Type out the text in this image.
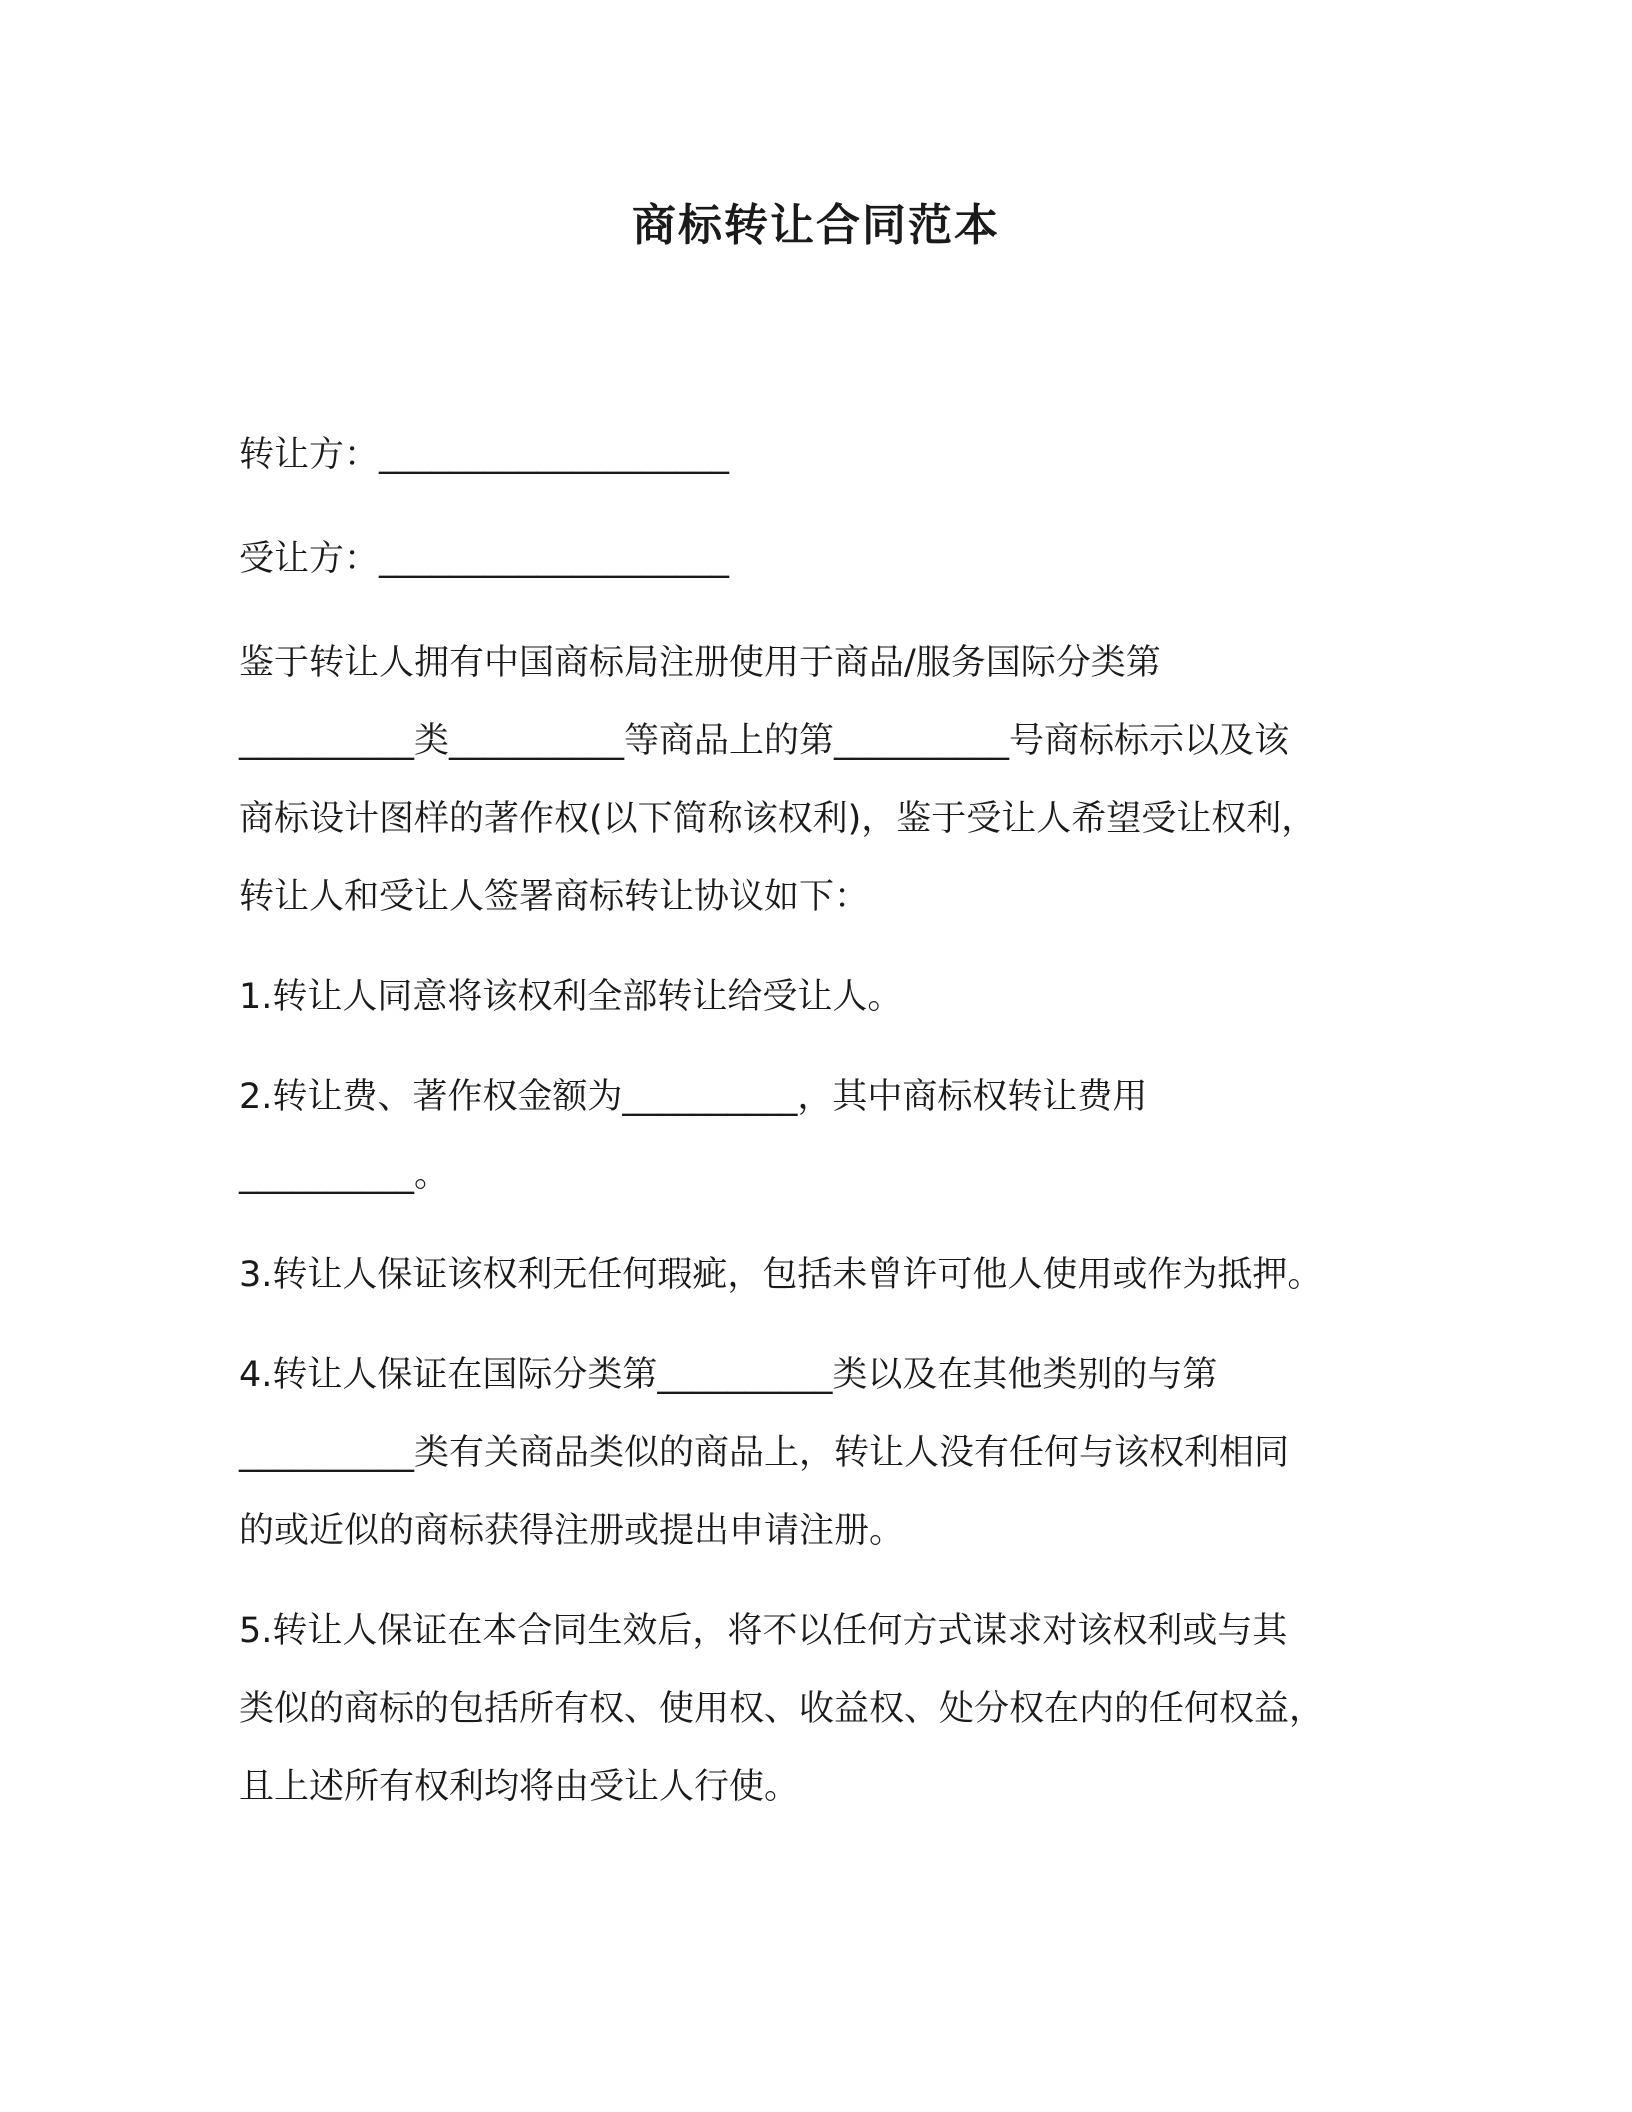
商标转让合同范本
转让方：____________________
受让方：____________________
鉴于转让人拥有中国商标局注册使用于商品/服务国际分类第
__________类__________等商品上的第__________号商标标示以及该
商标设计图样的著作权(以下简称该权利)，鉴于受让人希望受让权利，
转让人和受让人签署商标转让协议如下：
1.转让人同意将该权利全部转让给受让人。
2.转让费、著作权金额为__________，其中商标权转让费用
__________。
3.转让人保证该权利无任何瑕疵，包括未曾许可他人使用或作为抵押。
4.转让人保证在国际分类第__________类以及在其他类别的与第
__________类有关商品类似的商品上，转让人没有任何与该权利相同
的或近似的商标获得注册或提出申请注册。
5.转让人保证在本合同生效后，将不以任何方式谋求对该权利或与其
类似的商标的包括所有权、使用权、收益权、处分权在内的任何权益，
且上述所有权利均将由受让人行使。
